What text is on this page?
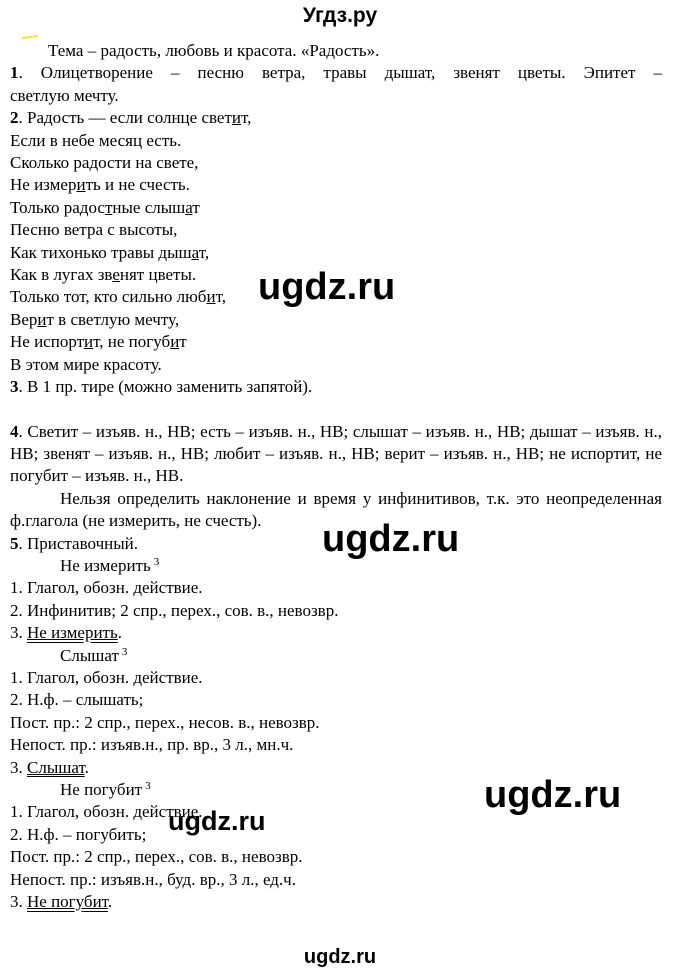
Угдз.ру
Тема – радость, любовь и красота. «Радость».
1. Олицетворение – песню ветра, травы дышат, звенят цветы. Эпитет –
светлую мечту.
2. Радость — если солнце светит,
Если в небе месяц есть.
Сколько радости на свете,
Не измерить и не счесть.
Только радостные слышат
Песню ветра с высоты,
Как тихонько травы дышат,
Как в лугах звенят цветы.
Только тот, кто сильно любит,
Верит в светлую мечту,
Не испортит, не погубит
В этом мире красоту.
3. В 1 пр. тире (можно заменить запятой).
4. Светит – изъяв. н., НВ; есть – изъяв. н., НВ; слышат – изъяв. н., НВ; дышат – изъяв. н., НВ; звенят – изъяв. н., НВ; любит – изъяв. н., НВ; верит – изъяв. н., НВ; не испортит, не погубит – изъяв. н., НВ.
Нельзя определить наклонение и время у инфинитивов, т.к. это неопределенная ф.глагола (не измерить, не счесть).
5. Приставочный.
Не измерить $^3$
1. Глагол, обозн. действие.
2. Инфинитив; 2 спр., перех., сов. в., невозвр.
3. Не измерить.
Слышат $^3$
1. Глагол, обозн. действие.
2. Н.ф. – слышать;
Пост. пр.: 2 спр., перех., несов. в., невозвр.
Непост. пр.: изъяв.н., пр. вр., 3 л., мн.ч.
3. Слышат.
Не погубит $^3$
1. Глагол, обозн. действие.
2. Н.ф. – погубить;
Пост. пр.: 2 спр., перех., сов. в., невозвр.
Непост. пр.: изъяв.н., буд. вр., 3 л., ед.ч.
3. Не погубит.
ugdz.ru
ugdz.ru
ugdz.ru
ugdz.ru
ugdz.ru
